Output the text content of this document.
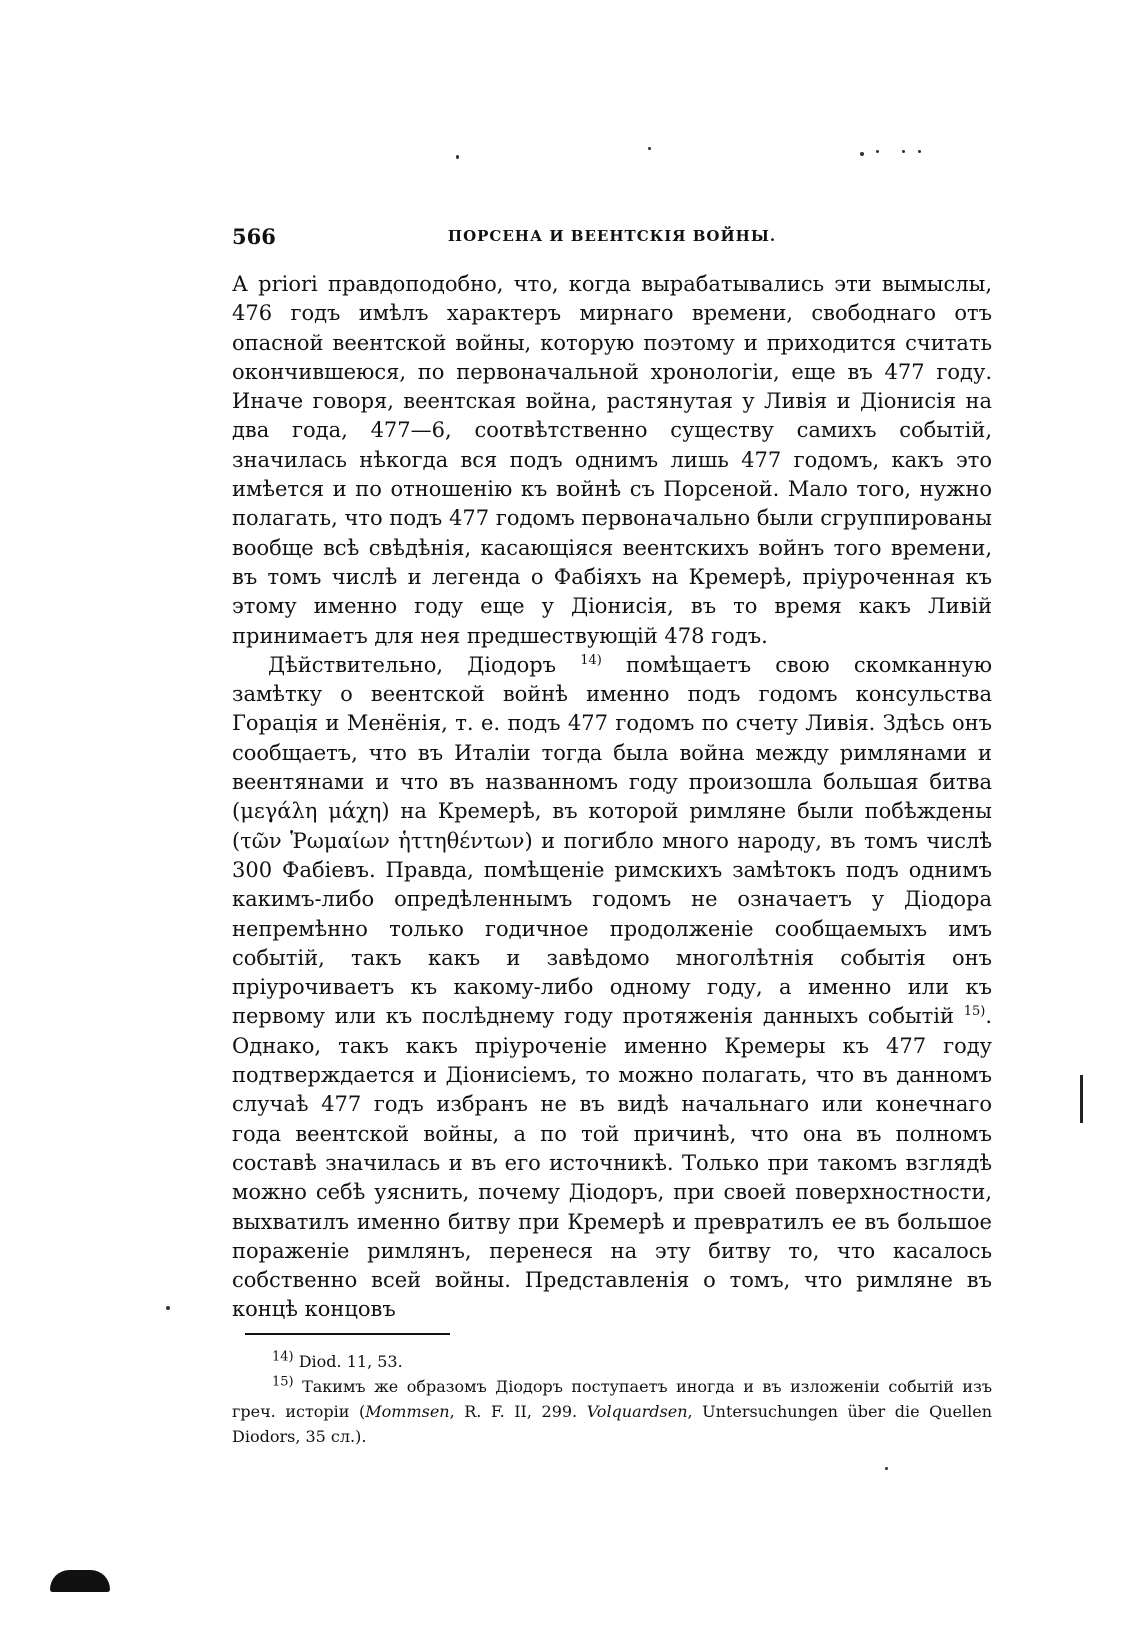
566	ПОРСЕНА И ВЕЕНТСКІЯ ВОЙНЫ.

А priori правдоподобно, что, когда вырабатывались эти вымыслы, 476 годъ имѣлъ характеръ мирнаго времени, свободнаго отъ опасной веентской войны, которую поэтому и приходится считать окончившеюся, по первоначальной хронологіи, еще въ 477 году. Иначе говоря, веентская война, растянутая у Ливія и Діонисія на два года, 477—6, соотвѣтственно существу самихъ событій, значилась нѣкогда вся подъ однимъ лишь 477 годомъ, какъ это имѣется и по отношенію къ войнѣ съ Порсеной. Мало того, нужно полагать, что подъ 477 годомъ первоначально были сгруппированы вообще всѣ свѣдѣнія, касающіяся веентскихъ войнъ того времени, въ томъ числѣ и легенда о Фабіяхъ на Кремерѣ, пріуроченная къ этому именно году еще у Діонисія, въ то время какъ Ливій принимаетъ для нея предшествующій 478 годъ.

Дѣйствительно, Діодоръ $^{14)}$ помѣщаетъ свою скомканную замѣтку о веентской войнѣ именно подъ годомъ консульства Горація и Менёнія, т. е. подъ 477 годомъ по счету Ливія. Здѣсь онъ сообщаетъ, что въ Италіи тогда была война между римлянами и веентянами и что въ названномъ году произошла большая битва (μεγάλη μάχη) на Кремерѣ, въ которой римляне были побѣждены (τῶν Ῥωμαίων ἡττηθέντων) и погибло много народу, въ томъ числѣ 300 Фабіевъ. Правда, помѣщеніе римскихъ замѣтокъ подъ однимъ какимъ-либо опредѣленнымъ годомъ не означаетъ у Діодора непремѣнно только годичное продолженіе сообщаемыхъ имъ событій, такъ какъ и завѣдомо многолѣтнія событія онъ пріурочиваетъ къ какому-либо одному году, а именно или къ первому или къ послѣднему году протяженія данныхъ событій $^{15)}$. Однако, такъ какъ пріуроченіе именно Кремеры къ 477 году подтверждается и Діонисіемъ, то можно полагать, что въ данномъ случаѣ 477 годъ избранъ не въ видѣ начальнаго или конечнаго года веентской войны, а по той причинѣ, что она въ полномъ составѣ значилась и въ его источникѣ. Только при такомъ взглядѣ можно себѣ уяснить, почему Діодоръ, при своей поверхностности, выхватилъ именно битву при Кремерѣ и превратилъ ее въ большое пораженіе римлянъ, перенеся на эту битву то, что касалось собственно всей войны. Представленія о томъ, что римляне въ концѣ концовъ

$^{14)}$ Diod. 11, 53.

$^{15)}$ Такимъ же образомъ Діодоръ поступаетъ иногда и въ изложеніи событій изъ греч. исторіи (Mommsen, R. F. II, 299. Volquardsen, Untersuchungen über die Quellen Diodors, 35 сл.).
